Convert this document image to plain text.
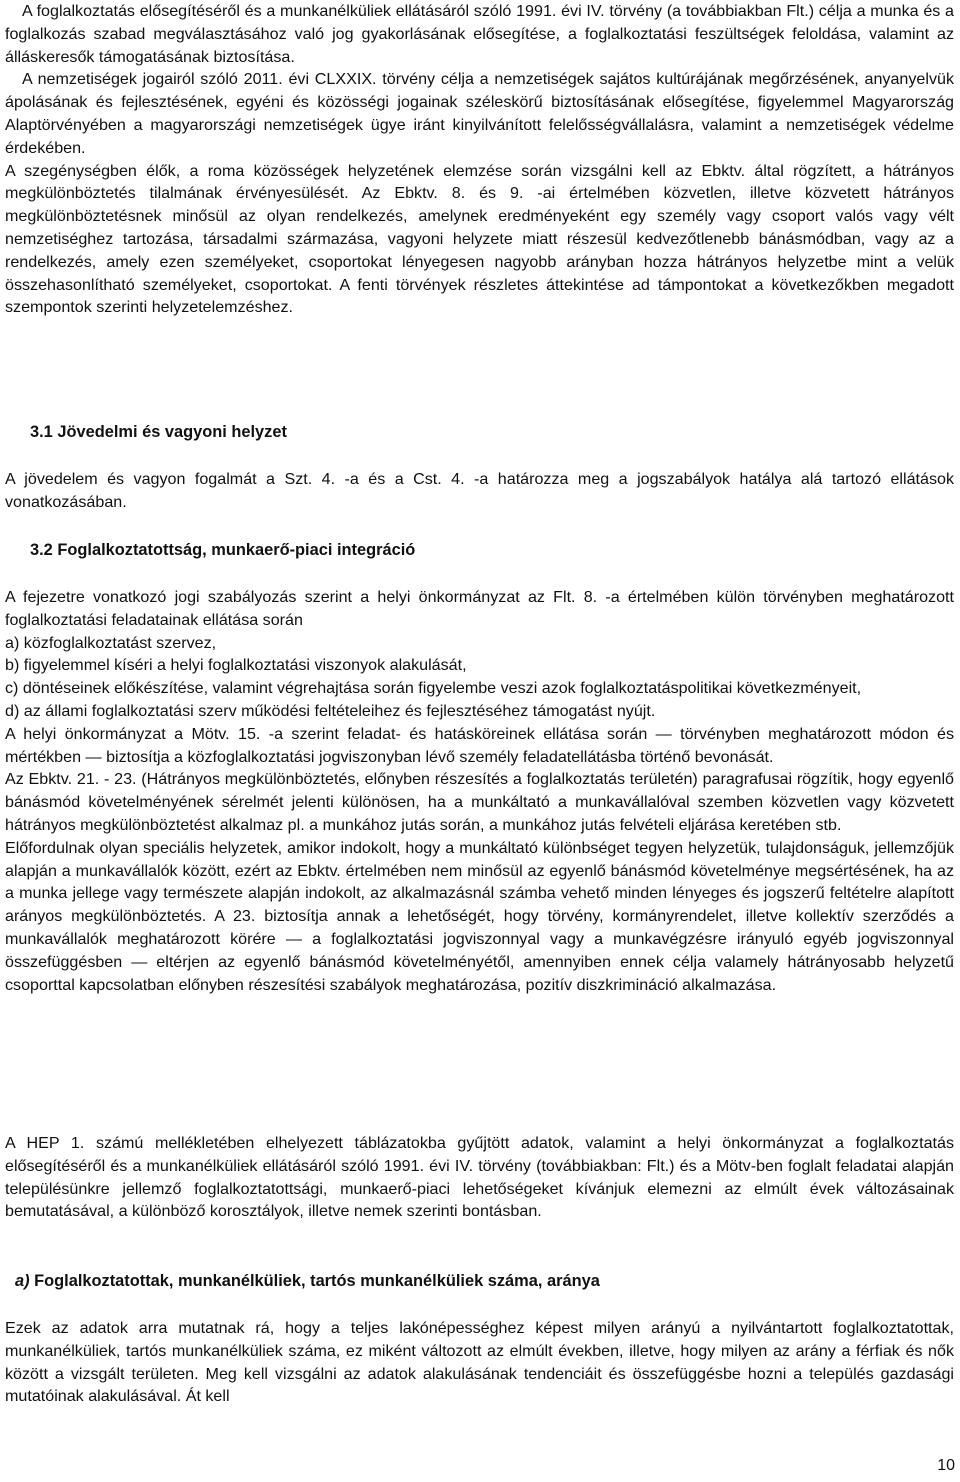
A foglalkoztatás elősegítéséről és a munkanélküliek ellátásáról szóló 1991. évi IV. törvény (a továbbiakban Flt.) célja a munka és a foglalkozás szabad megválasztásához való jog gyakorlásának elősegítése, a foglalkoztatási feszültségek feloldása, valamint az álláskeresők támogatásának biztosítása.

A nemzetiségek jogairól szóló 2011. évi CLXXIX. törvény célja a nemzetiségek sajátos kultúrájának megőrzésének, anyanyelvük ápolásának és fejlesztésének, egyéni és közösségi jogainak széleskörű biztosításának elősegítése, figyelemmel Magyarország Alaptörvényében a magyarországi nemzetiségek ügye iránt kinyilvánított felelősségvállalásra, valamint a nemzetiségek védelme érdekében.

A szegénységben élők, a roma közösségek helyzetének elemzése során vizsgálni kell az Ebktv. által rögzített, a hátrányos megkülönböztetés tilalmának érvényesülését. Az Ebktv. 8. és 9. -ai értelmében közvetlen, illetve közvetett hátrányos megkülönböztetésnek minősül az olyan rendelkezés, amelynek eredményeként egy személy vagy csoport valós vagy vélt nemzetiséghez tartozása, társadalmi származása, vagyoni helyzete miatt részesül kedvezőtlenebb bánásmódban, vagy az a rendelkezés, amely ezen személyeket, csoportokat lényegesen nagyobb arányban hozza hátrányos helyzetbe mint a velük összehasonlítható személyeket, csoportokat. A fenti törvények részletes áttekintése ad támpontokat a következőkben megadott szempontok szerinti helyzetelemzéshez.

3.1 Jövedelmi és vagyoni helyzet

A jövedelem és vagyon fogalmát a Szt. 4. -a és a Cst. 4. -a határozza meg a jogszabályok hatálya alá tartozó ellátások vonatkozásában.

3.2 Foglalkoztatottság, munkaerő-piaci integráció

A fejezetre vonatkozó jogi szabályozás szerint a helyi önkormányzat az Flt. 8. -a értelmében külön törvényben meghatározott foglalkoztatási feladatainak ellátása során

a) közfoglalkoztatást szervez,

b) figyelemmel kíséri a helyi foglalkoztatási viszonyok alakulását,

c) döntéseinek előkészítése, valamint végrehajtása során figyelembe veszi azok foglalkoztatáspolitikai következményeit,

d) az állami foglalkoztatási szerv működési feltételeihez és fejlesztéséhez támogatást nyújt.

A helyi önkormányzat a Mötv. 15. -a szerint feladat- és hatásköreinek ellátása során — törvényben meghatározott módon és mértékben — biztosítja a közfoglalkoztatási jogviszonyban lévő személy feladatellátásba történő bevonását.

Az Ebktv. 21. - 23. (Hátrányos megkülönböztetés, előnyben részesítés a foglalkoztatás területén) paragrafusai rögzítik, hogy egyenlő bánásmód követelményének sérelmét jelenti különösen, ha a munkáltató a munkavállalóval szemben közvetlen vagy közvetett hátrányos megkülönböztetést alkalmaz pl. a munkához jutás során, a munkához jutás felvételi eljárása keretében stb.

Előfordulnak olyan speciális helyzetek, amikor indokolt, hogy a munkáltató különbséget tegyen helyzetük, tulajdonságuk, jellemzőjük alapján a munkavállalók között, ezért az Ebktv. értelmében nem minősül az egyenlő bánásmód követelménye megsértésének, ha az a munka jellege vagy természete alapján indokolt, az alkalmazásnál számba vehető minden lényeges és jogszerű feltételre alapított arányos megkülönböztetés. A 23. biztosítja annak a lehetőségét, hogy törvény, kormányrendelet, illetve kollektív szerződés a munkavállalók meghatározott körére — a foglalkoztatási jogviszonnyal vagy a munkavégzésre irányuló egyéb jogviszonnyal összefüggésben — eltérjen az egyenlő bánásmód követelményétől, amennyiben ennek célja valamely hátrányosabb helyzetű csoporttal kapcsolatban előnyben részesítési szabályok meghatározása, pozitív diszkrimináció alkalmazása.

A HEP 1. számú mellékletében elhelyezett táblázatokba gyűjtött adatok, valamint a helyi önkormányzat a foglalkoztatás elősegítéséről és a munkanélküliek ellátásáról szóló 1991. évi IV. törvény (továbbiakban: Flt.) és a Mötv-ben foglalt feladatai alapján településünkre jellemző foglalkoztatottsági, munkaerő-piaci lehetőségeket kívánjuk elemezni az elmúlt évek változásainak bemutatásával, a különböző korosztályok, illetve nemek szerinti bontásban.

a) Foglalkoztatottak, munkanélküliek, tartós munkanélküliek száma, aránya

Ezek az adatok arra mutatnak rá, hogy a teljes lakónépességhez képest milyen arányú a nyilvántartott foglalkoztatottak, munkanélküliek, tartós munkanélküliek száma, ez miként változott az elmúlt években, illetve, hogy milyen az arány a férfiak és nők között a vizsgált területen. Meg kell vizsgálni az adatok alakulásának tendenciáit és összefüggésbe hozni a település gazdasági mutatóinak alakulásával. Át kell

10
